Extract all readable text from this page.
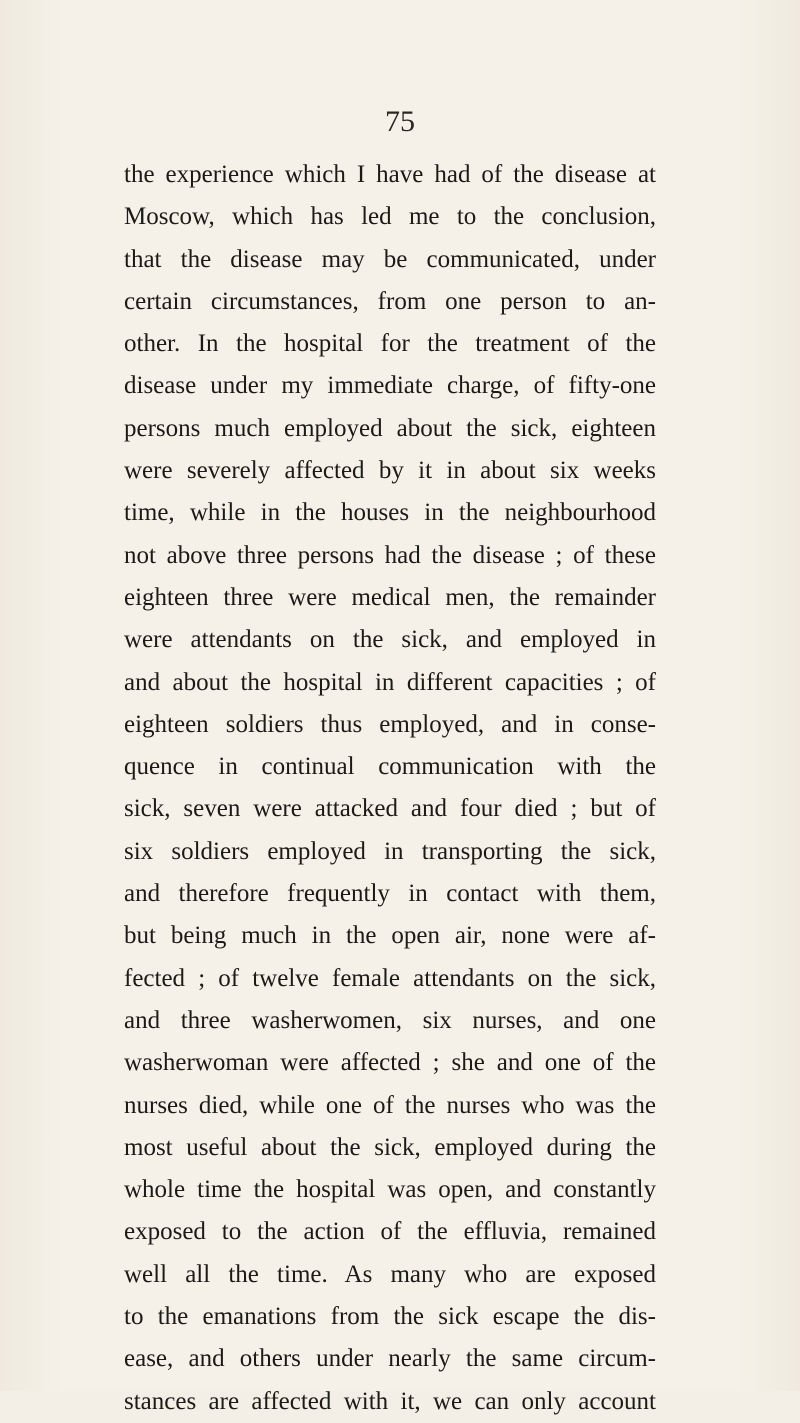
75
the experience which I have had of the disease at
Moscow, which has led me to the conclusion,
that the disease may be communicated, under
certain circumstances, from one person to an-
other. In the hospital for the treatment of the
disease under my immediate charge, of fifty-one
persons much employed about the sick, eighteen
were severely affected by it in about six weeks
time, while in the houses in the neighbourhood
not above three persons had the disease ; of these
eighteen three were medical men, the remainder
were attendants on the sick, and employed in
and about the hospital in different capacities ; of
eighteen soldiers thus employed, and in conse-
quence in continual communication with the
sick, seven were attacked and four died ; but of
six soldiers employed in transporting the sick,
and therefore frequently in contact with them,
but being much in the open air, none were af-
fected ; of twelve female attendants on the sick,
and three washerwomen, six nurses, and one
washerwoman were affected ; she and one of the
nurses died, while one of the nurses who was the
most useful about the sick, employed during the
whole time the hospital was open, and constantly
exposed to the action of the effluvia, remained
well all the time. As many who are exposed
to the emanations from the sick escape the dis-
ease, and others under nearly the same circum-
stances are affected with it, we can only account
